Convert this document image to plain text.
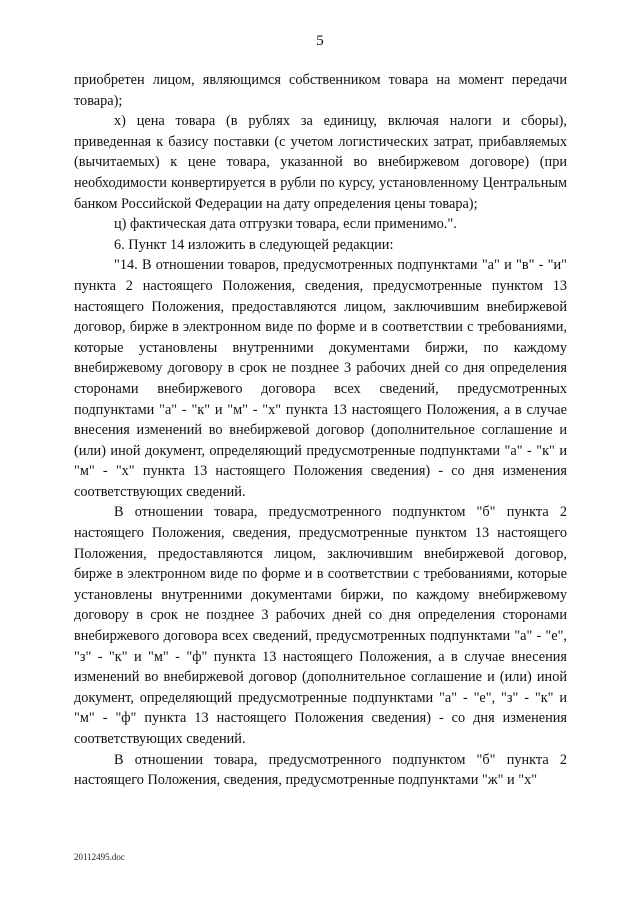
5

приобретен лицом, являющимся собственником товара на момент передачи товара);

х) цена товара (в рублях за единицу, включая налоги и сборы), приведенная к базису поставки (с учетом логистических затрат, прибавляемых (вычитаемых) к цене товара, указанной во внебиржевом договоре) (при необходимости конвертируется в рубли по курсу, установленному Центральным банком Российской Федерации на дату определения цены товара);

ц) фактическая дата отгрузки товара, если применимо.".

6. Пункт 14 изложить в следующей редакции:

"14. В отношении товаров, предусмотренных подпунктами "а" и "в" - "и" пункта 2 настоящего Положения, сведения, предусмотренные пунктом 13 настоящего Положения, предоставляются лицом, заключившим внебиржевой договор, бирже в электронном виде по форме и в соответствии с требованиями, которые установлены внутренними документами биржи, по каждому внебиржевому договору в срок не позднее 3 рабочих дней со дня определения сторонами внебиржевого договора всех сведений, предусмотренных подпунктами "а" - "к" и "м" - "х" пункта 13 настоящего Положения, а в случае внесения изменений во внебиржевой договор (дополнительное соглашение и (или) иной документ, определяющий предусмотренные подпунктами "а" - "к" и "м" - "х" пункта 13 настоящего Положения сведения) - со дня изменения соответствующих сведений.

В отношении товара, предусмотренного подпунктом "б" пункта 2 настоящего Положения, сведения, предусмотренные пунктом 13 настоящего Положения, предоставляются лицом, заключившим внебиржевой договор, бирже в электронном виде по форме и в соответствии с требованиями, которые установлены внутренними документами биржи, по каждому внебиржевому договору в срок не позднее 3 рабочих дней со дня определения сторонами внебиржевого договора всех сведений, предусмотренных подпунктами "а" - "е", "з" - "к" и "м" - "ф" пункта 13 настоящего Положения, а в случае внесения изменений во внебиржевой договор (дополнительное соглашение и (или) иной документ, определяющий предусмотренные подпунктами "а" - "е", "з" - "к" и "м" - "ф" пункта 13 настоящего Положения сведения) - со дня изменения соответствующих сведений.

В отношении товара, предусмотренного подпунктом "б" пункта 2 настоящего Положения, сведения, предусмотренные подпунктами "ж" и "х"

20112495.doc
